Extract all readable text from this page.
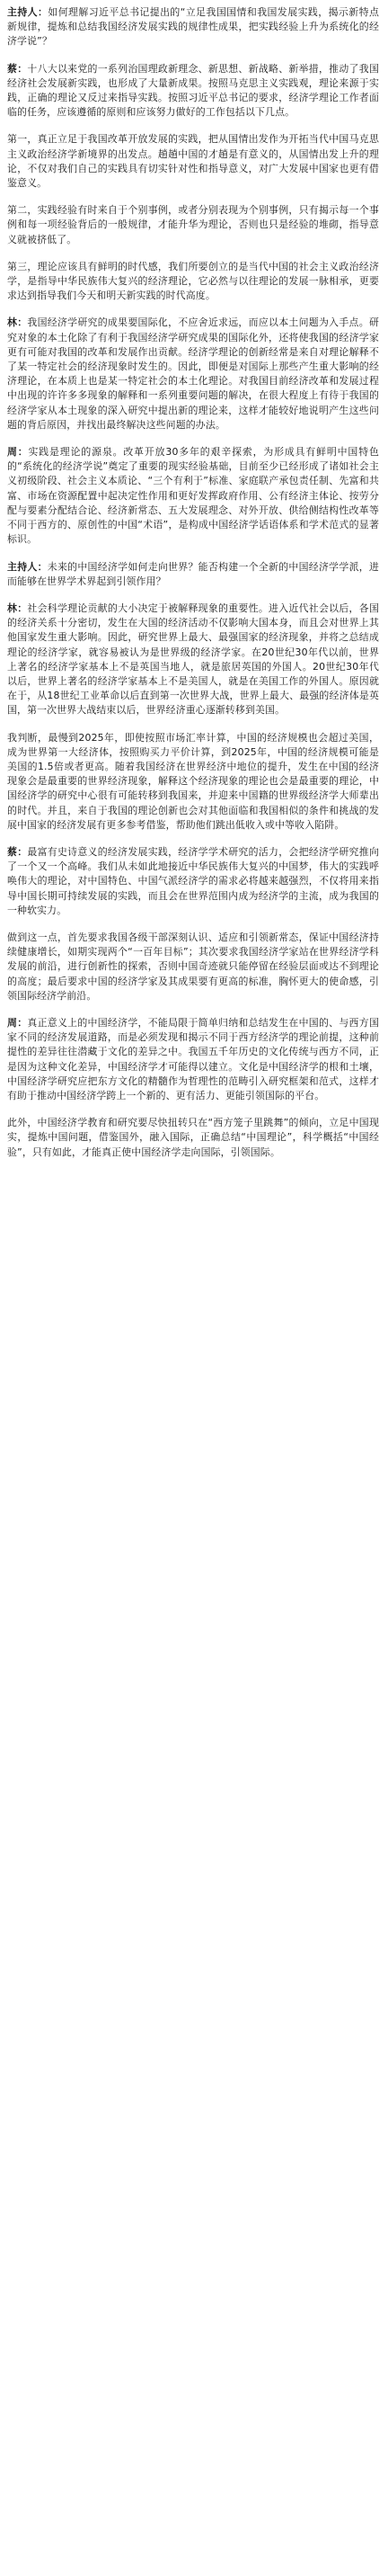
主持人：如何理解习近平总书记提出的“立足我国国情和我国发展实践，揭示新特点新规律，提炼和总结我国经济发展实践的规律性成果，把实践经验上升为系统化的经济学说”？

蔡：十八大以来党的一系列治国理政新理念、新思想、新战略、新举措，推动了我国经济社会发展新实践，也形成了大量新成果。按照马克思主义实践观，理论来源于实践，正确的理论又反过来指导实践。按照习近平总书记的要求，经济学理论工作者面临的任务，应该遵循的原则和应该努力做好的工作包括以下几点。

第一，真正立足于我国改革开放发展的实践，把从国情出发作为开拓当代中国马克思主义政治经济学新境界的出发点。趟趟中国的才趟是有意义的，从国情出发上升的理论，不仅对我们自己的实践具有切实针对性和指导意义，对广大发展中国家也更有借鉴意义。

第二，实践经验有时来自于个别事例，或者分别表现为个别事例，只有揭示每一个事例和每一项经验背后的一般规律，才能升华为理论，否则也只是经验的堆砌，指导意义就被挤低了。

第三，理论应该具有鲜明的时代感，我们所要创立的是当代中国的社会主义政治经济学，是指导中华民族伟大复兴的经济理论，它必然与以往理论的发展一脉相承，更要求达到指导我们今天和明天新实践的时代高度。

林：我国经济学研究的成果要国际化，不应舍近求远，而应以本土问题为入手点。研究对象的本土化除了有利于我国经济学研究成果的国际化外，还将使我国的经济学家更有可能对我国的改革和发展作出贡献。经济学理论的创新经常是来自对理论解释不了某一特定社会的经济现象时发生的。因此，即便是对国际上那些产生重大影响的经济理论，在本质上也是某一特定社会的本土化理论。对我国目前经济改革和发展过程中出现的许许多多现象的解释和一系列重要问题的解决，在很大程度上有待于我国的经济学家从本土现象的深入研究中提出新的理论来，这样才能较好地说明产生这些问题的背后原因，并找出最终解决这些问题的办法。

周：实践是理论的源泉。改革开放30多年的艰辛探索，为形成具有鲜明中国特色的“系统化的经济学说”奠定了重要的现实经验基础，目前至少已经形成了诸如社会主义初级阶段、社会主义本质论、“三个有利于”标准、家庭联产承包责任制、先富和共富、市场在资源配置中起决定性作用和更好发挥政府作用、公有经济主体论、按劳分配与要素分配结合论、经济新常态、五大发展理念、对外开放、供给侧结构性改革等不同于西方的、原创性的中国“术语”，是构成中国经济学话语体系和学术范式的显著标识。

主持人：未来的中国经济学如何走向世界？能否构建一个全新的中国经济学学派，进而能够在世界学术界起到引领作用？

林：社会科学理论贡献的大小决定于被解释现象的重要性。进入近代社会以后，各国的经济关系十分密切，发生在大国的经济活动不仅影响大国本身，而且会对世界上其他国家发生重大影响。因此，研究世界上最大、最强国家的经济现象，并将之总结成理论的经济学家，就容易被认为是世界级的经济学家。在20世纪30年代以前，世界上著名的经济学家基本上不是英国当地人，就是旅居英国的外国人。20世纪30年代以后，世界上著名的经济学家基本上不是美国人，就是在美国工作的外国人。原因就在于，从18世纪工业革命以后直到第一次世界大战，世界上最大、最强的经济体是英国，第一次世界大战结束以后，世界经济重心逐渐转移到美国。

我判断，最慢到2025年，即使按照市场汇率计算，中国的经济规模也会超过美国，成为世界第一大经济体，按照购买力平价计算，到2025年，中国的经济规模可能是美国的1.5倍或者更高。随着我国经济在世界经济中地位的提升，发生在中国的经济现象会是最重要的世界经济现象，解释这个经济现象的理论也会是最重要的理论，中国经济学的研究中心很有可能转移到我国来，并迎来中国籍的世界级经济学大师辈出的时代。并且，来自于我国的理论创新也会对其他面临和我国相似的条件和挑战的发展中国家的经济发展有更多参考借鉴，帮助他们跳出低收入或中等收入陷阱。

蔡：最富有史诗意义的经济发展实践，经济学学术研究的活力，会把经济学研究推向了一个又一个高峰。我们从未如此地接近中华民族伟大复兴的中国梦，伟大的实践呼唤伟大的理论，对中国特色、中国气派经济学的需求必将越来越强烈，不仅将用来指导中国长期可持续发展的实践，而且会在世界范围内成为经济学的主流，成为我国的一种软实力。

做到这一点，首先要求我国各级干部深刻认识、适应和引领新常态，保证中国经济持续健康增长，如期实现两个“一百年目标”；其次要求我国经济学家站在世界经济学科发展的前沿，进行创新性的探索，否则中国奇迹就只能停留在经验层面或达不到理论的高度；最后要求中国的经济学家及其成果要有更高的标准，胸怀更大的使命感，引领国际经济学前沿。

周：真正意义上的中国经济学，不能局限于简单归纳和总结发生在中国的、与西方国家不同的经济发展道路，而是必须发现和揭示不同于西方经济学的理论前提，这种前提性的差异往往潜藏于文化的差异之中。我国五千年历史的文化传统与西方不同，正是因为这种文化差异，中国经济学才可能得以建立。文化是中国经济学的根和土壤，中国经济学研究应把东方文化的精髓作为哲理性的范畴引入研究框架和范式，这样才有助于推动中国经济学跨上一个新的、更有活力、更能引领国际的平台。

此外，中国经济学教育和研究要尽快扭转只在“西方笼子里跳舞”的倾向，立足中国现实，提炼中国问题，借鉴国外，融入国际，正确总结“中国理论”，科学概括“中国经验”，只有如此，才能真正使中国经济学走向国际，引领国际。
